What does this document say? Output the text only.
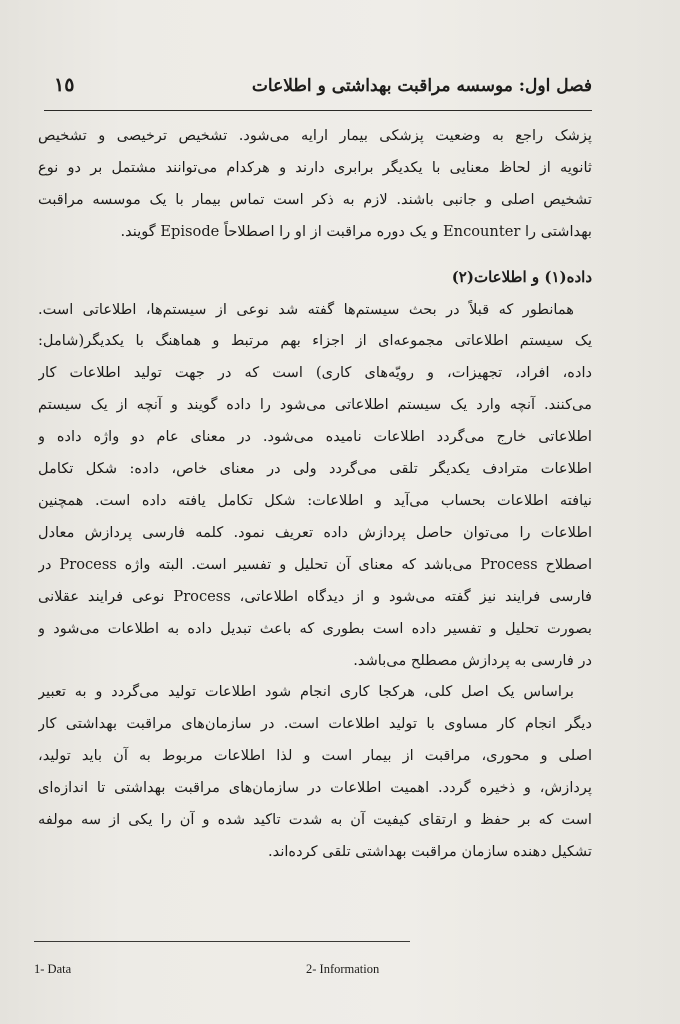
فصل اول: موسسه مراقبت بهداشتی و اطلاعات
١٥
پزشک راجع به وضعیت پزشکی بیمار ارایه می‌شود. تشخیص ترخیصی و تشخیص
ثانویه از لحاظ معنایی با یکدیگر برابری دارند و هرکدام می‌توانند مشتمل بر دو نوع
تشخیص اصلی و جانبی باشند. لازم به ذکر است تماس بیمار با یک موسسه مراقبت
بهداشتی را Encounter و یک دوره مراقبت از او را اصطلاحاً Episode گویند.
داده(١) و اطلاعات(٢)
همانطور که قبلاً در بحث سیستم‌ها گفته شد نوعی از سیستم‌ها، اطلاعاتی است.
یک سیستم اطلاعاتی مجموعه‌ای از اجزاء بهم مرتبط و هماهنگ با یکدیگر(شامل:
داده، افراد، تجهیزات، و رویّه‌های کاری) است که در جهت تولید اطلاعات کار
می‌کنند. آنچه وارد یک سیستم اطلاعاتی می‌شود را داده گویند و آنچه از یک سیستم
اطلاعاتی خارج می‌گردد اطلاعات نامیده می‌شود. در معنای عام دو واژه داده و
اطلاعات مترادف یکدیگر تلقی می‌گردد ولی در معنای خاص، داده: شکل تکامل
نیافته اطلاعات بحساب می‌آید و اطلاعات: شکل تکامل یافته داده است. همچنین
اطلاعات را می‌توان حاصل پردازش داده تعریف نمود. کلمه فارسی پردازش معادل
اصطلاح Process می‌باشد که معنای آن تحلیل و تفسیر است. البته واژه Process در
فارسی فرایند نیز گفته می‌شود و از دیدگاه اطلاعاتی، Process نوعی فرایند عقلانی
بصورت تحلیل و تفسیر داده است بطوری که باعث تبدیل داده به اطلاعات می‌شود و
در فارسی به پردازش مصطلح می‌باشد.
براساس یک اصل کلی، هرکجا کاری انجام شود اطلاعات تولید می‌گردد و به تعبیر
دیگر انجام کار مساوی با تولید اطلاعات است. در سازمان‌های مراقبت بهداشتی کار
اصلی و محوری، مراقبت از بیمار است و لذا اطلاعات مربوط به آن باید تولید،
پردازش، و ذخیره گردد. اهمیت اطلاعات در سازمان‌های مراقبت بهداشتی تا اندازه‌ای
است که بر حفظ و ارتقای کیفیت آن به شدت تاکید شده و آن را یکی از سه مولفه
تشکیل دهنده سازمان مراقبت بهداشتی تلقی کرده‌اند.
1- Data	2- Information
